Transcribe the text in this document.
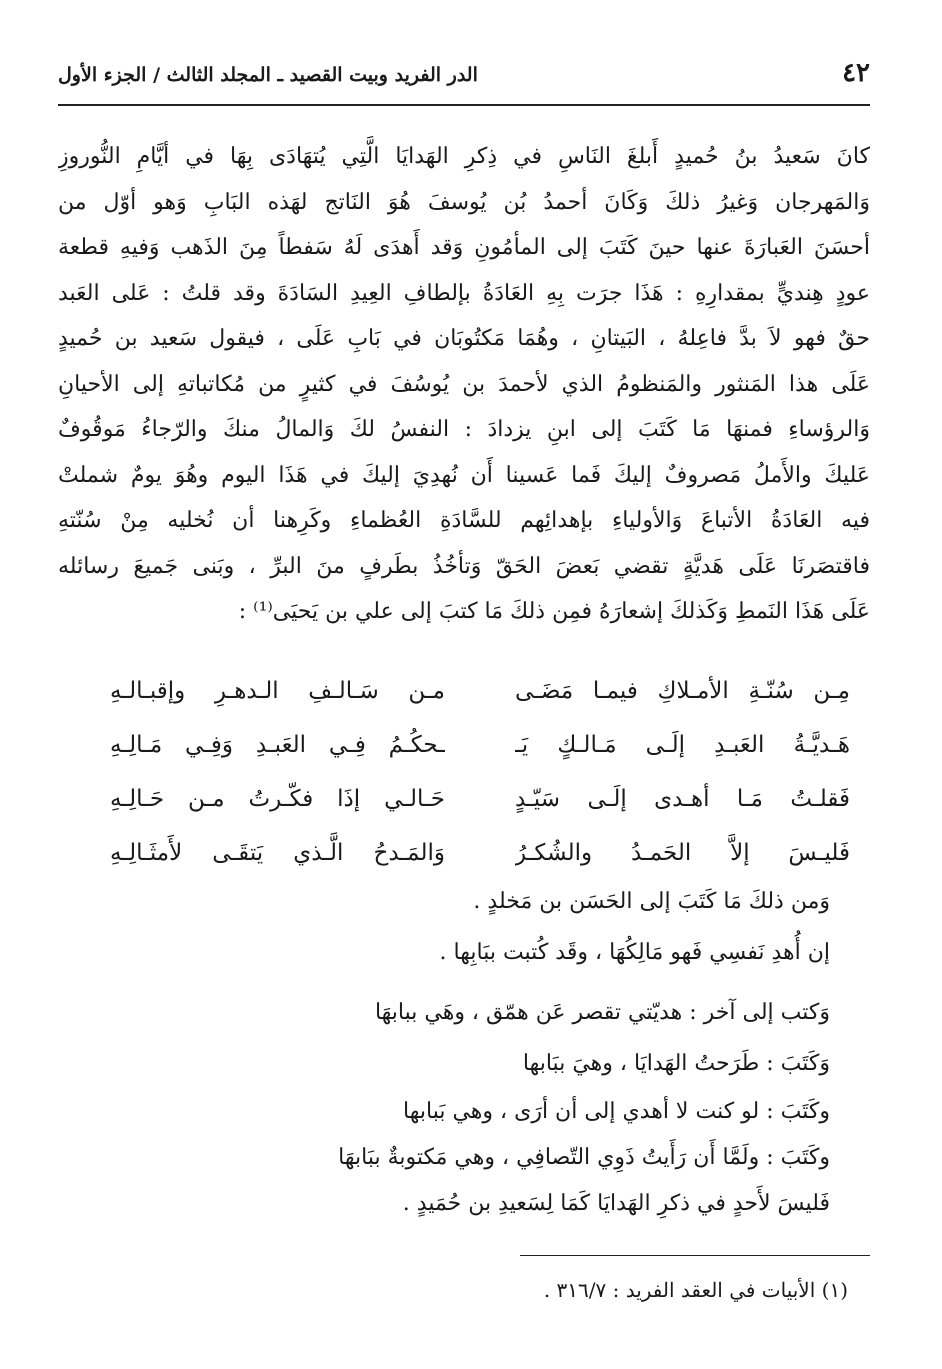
٤٢
الدر الفريد وبيت القصيد ـ المجلد الثالث / الجزء الأول
كانَ سَعيدُ بنُ حُميدٍ أَبلغَ النَاسِ في ذِكرِ الهَدايَا الَّتِي يُتهَادَى بِهَا في أيَّامِ النُّوروزِ
وَالمَهرجان وَغيرُ ذلكَ وَكَانَ أحمدُ بُن يُوسفَ هُوَ النَاتج لهَذه البَابِ وَهو أوّل من
أحسَنَ العَبارَةَ عنها حينَ كَتَبَ إلى المأمُونِ وَقد أَهدَى لَهُ سَفطاً مِنَ الذَهب وَفيهِ قطعة
عودٍ هِنديٍّ بمقدارِهِ : هَذَا جرَت بِهِ العَادَةُ بإلطافِ العِيدِ السَادَةَ وقد قلتُ : عَلى العَبد
حقٌ فهو لاَ بدَّ فاعِلهُ ، البَيتانِ ، وهُمَا مَكتُوبَان في بَابِ عَلَى ، فيقول سَعيد بن حُميدٍ
عَلَى هذا المَنثور والمَنظومُ الذي لأحمدَ بن يُوسُفَ في كثيرٍ من مُكاتباتهِ إلى الأحيانِ
وَالرؤساءِ فمنهَا مَا كَتَبَ إلى ابنِ يزدادَ : النفسُ لكَ وَالمالُ منكَ والرّجاءُ مَوقُوفٌ
عَليكَ والأَملُ مَصروفٌ إليكَ فَما عَسينا أَن نُهدِيَ إليكَ في هَذَا اليوم وهُوَ يومٌ شملتْ
فيه العَادَةُ الأتباعَ وَالأولياءِ بإهدائِهم للسَّادَةِ العُظماءِ وكَرِهنا أن نُخليه مِنْ سُنّتهِ
فاقتصَرنَا عَلَى هَديَّةٍ تقضي بَعضَ الحَقّ وَتأخُذُ بطَرفٍ منَ البرِّ ، وبَنى جَميعَ رسائله
عَلَى هَذَا النَمطِ وَكَذلكَ إشعارَهُ فمِن ذلكَ مَا كتبَ إلى علي بن يَحيَى⁽¹⁾ :
مِـن سُنّـةِ الأمـلاكِ فيمـا مَضَـى
مـن سَـالـفِ الـدهـرِ وإقبـالـهِ
هَـديَّـةُ العَبـدِ إلَـى مَـالـكٍ يَـ
ـحكُـمُ فِـي العَبـدِ وَفِـي مَـالِـهِ
فَقلـتُ مَـا أهـدى إلَـى سَيّـدٍ
حَـالـي إذَا فكّـرتُ مـن حَـالِـهِ
فَليـسَ إلاَّ الحَمـدُ والشُكـرُ
وَالمَـدحُ الَّـذي يَتقَـى لأَمثَـالِـهِ
وَمن ذلكَ مَا كَتَبَ إلى الحَسَن بن مَخلدٍ .
إن أُهدِ نَفسِي فَهو مَالِكُهَا ، وقَد كُتبت ببَابِها .
وَكتب إلى آخر : هديّتي تقصر عَن همّق ، وهَي ببابهَا
وَكَتَبَ : طَرَحتُ الهَدايَا ، وهيَ ببَابها
وكَتَبَ : لو كنت لا أهدي إلى أن أرَى ، وهي بَبابها
وكَتَبَ : ولَمَّا أَن رَأَيتُ ذَوِي التّصافِي ، وهي مَكتوبةٌ ببَابهَا
فَليسَ لأَحدٍ في ذكرِ الهَدايَا كَمَا لِسَعيدِ بن حُمَيدٍ .
(١) الأبيات في العقد الفريد : ٣١٦/٧ .
